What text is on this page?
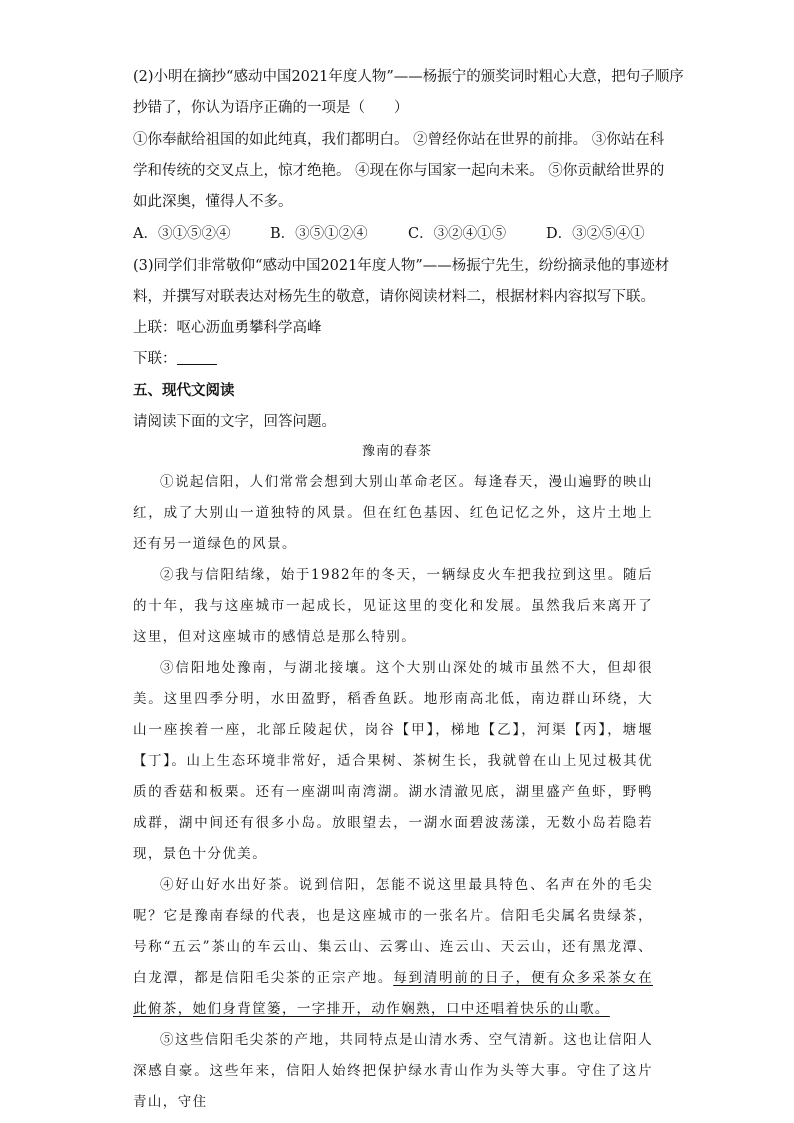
(2)小明在摘抄“感动中国2021年度人物”——杨振宁的颁奖词时粗心大意，把句子顺序
抄错了，你认为语序正确的一项是（　　）
①你奉献给祖国的如此纯真，我们都明白。 ②曾经你站在世界的前排。 ③你站在科
学和传统的交叉点上，惊才绝艳。 ④现在你与国家一起向未来。 ⑤你贡献给世界的
如此深奥，懂得人不多。
A．③①⑤②④	B．③⑤①②④	C．③②④①⑤	D．③②⑤④①
(3)同学们非常敬仰“感动中国2021年度人物”——杨振宁先生，纷纷摘录他的事迹材
料，并撰写对联表达对杨先生的敬意，请你阅读材料二，根据材料内容拟写下联。
上联：呕心沥血勇攀科学高峰
下联：
五、现代文阅读
请阅读下面的文字，回答问题。
豫南的春茶

①说起信阳，人们常常会想到大别山革命老区。每逢春天，漫山遍野的映山红，成了大别山一道独特的风景。但在红色基因、红色记忆之外，这片土地上还有另一道绿色的风景。

②我与信阳结缘，始于1982年的冬天，一辆绿皮火车把我拉到这里。随后的十年，我与这座城市一起成长，见证这里的变化和发展。虽然我后来离开了这里，但对这座城市的感情总是那么特别。

③信阳地处豫南，与湖北接壤。这个大别山深处的城市虽然不大，但却很美。这里四季分明，水田盈野，稻香鱼跃。地形南高北低，南边群山环绕，大山一座挨着一座，北部丘陵起伏，岗谷【甲】，梯地【乙】，河渠【丙】，塘堰【丁】。山上生态环境非常好，适合果树、茶树生长，我就曾在山上见过极其优质的香菇和板栗。还有一座湖叫南湾湖。湖水清澈见底，湖里盛产鱼虾，野鸭成群，湖中间还有很多小岛。放眼望去，一湖水面碧波荡漾，无数小岛若隐若现，景色十分优美。

④好山好水出好茶。说到信阳，怎能不说这里最具特色、名声在外的毛尖呢？它是豫南春绿的代表，也是这座城市的一张名片。信阳毛尖属名贵绿茶，号称“五云”茶山的车云山、集云山、云雾山、连云山、天云山，还有黑龙潭、白龙潭，都是信阳毛尖茶的正宗产地。每到清明前的日子，便有众多采茶女在此俯茶，她们身背筐篓，一字排开，动作娴熟，口中还唱着快乐的山歌。

⑤这些信阳毛尖茶的产地，共同特点是山清水秀、空气清新。这也让信阳人深感自豪。这些年来，信阳人始终把保护绿水青山作为头等大事。守住了这片青山，守住
